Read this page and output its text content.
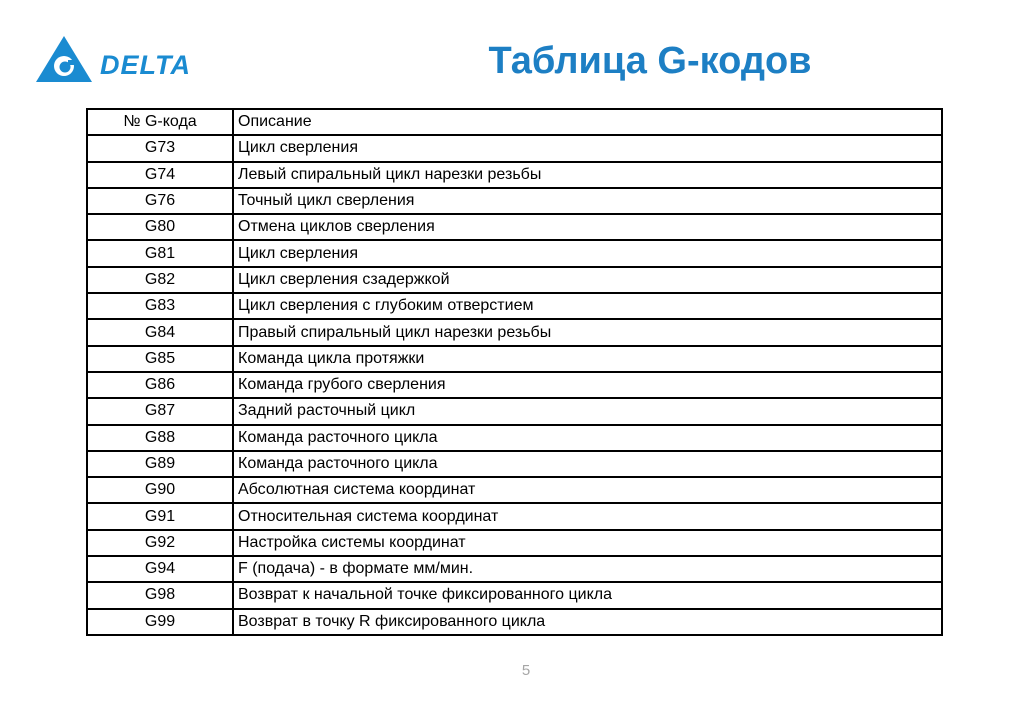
DELTA	Таблица G-кодов
№ G-кода	Описание
G73	Цикл сверления
G74	Левый спиральный цикл нарезки резьбы
G76	Точный цикл сверления
G80	Отмена циклов сверления
G81	Цикл сверления
G82	Цикл сверления сзадержкой
G83	Цикл сверления с глубоким отверстием
G84	Правый спиральный цикл нарезки резьбы
G85	Команда цикла протяжки
G86	Команда грубого сверления
G87	Задний расточный цикл
G88	Команда расточного цикла
G89	Команда расточного цикла
G90	Абсолютная система координат
G91	Относительная система координат
G92	Настройка системы координат
G94	F (подача) - в формате мм/мин.
G98	Возврат к начальной точке фиксированного цикла
G99	Возврат в точку R фиксированного цикла
5
